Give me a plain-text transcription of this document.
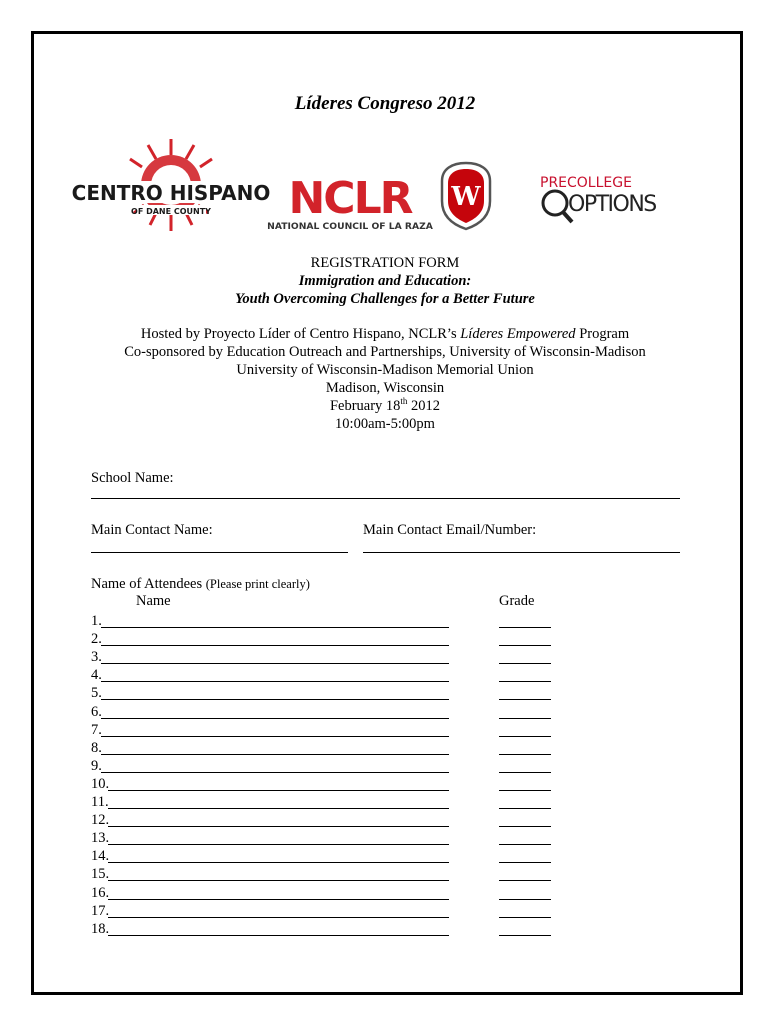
Líderes Congreso 2012
CENTRO HISPANO
OF DANE COUNTY NCLR
NATIONAL COUNCIL OF LA RAZA
W	PRECOLLEGE
OPTIONS
REGISTRATION FORM
Immigration and Education:
Youth Overcoming Challenges for a Better Future
Hosted by Proyecto Líder of Centro Hispano, NCLR’s Líderes Empowered Program
Co-sponsored by Education Outreach and Partnerships, University of Wisconsin-Madison
University of Wisconsin-Madison Memorial Union
Madison, Wisconsin
February 18th 2012
10:00am-5:00pm
School Name:
Main Contact Name:	Main Contact Email/Number:
Name of Attendees (Please print clearly)
Name	Grade
1.
2.
3.
4.
5.
6.
7.
8.
9.
10.
11.
12.
13.
14.
15.
16.
17.
18.
